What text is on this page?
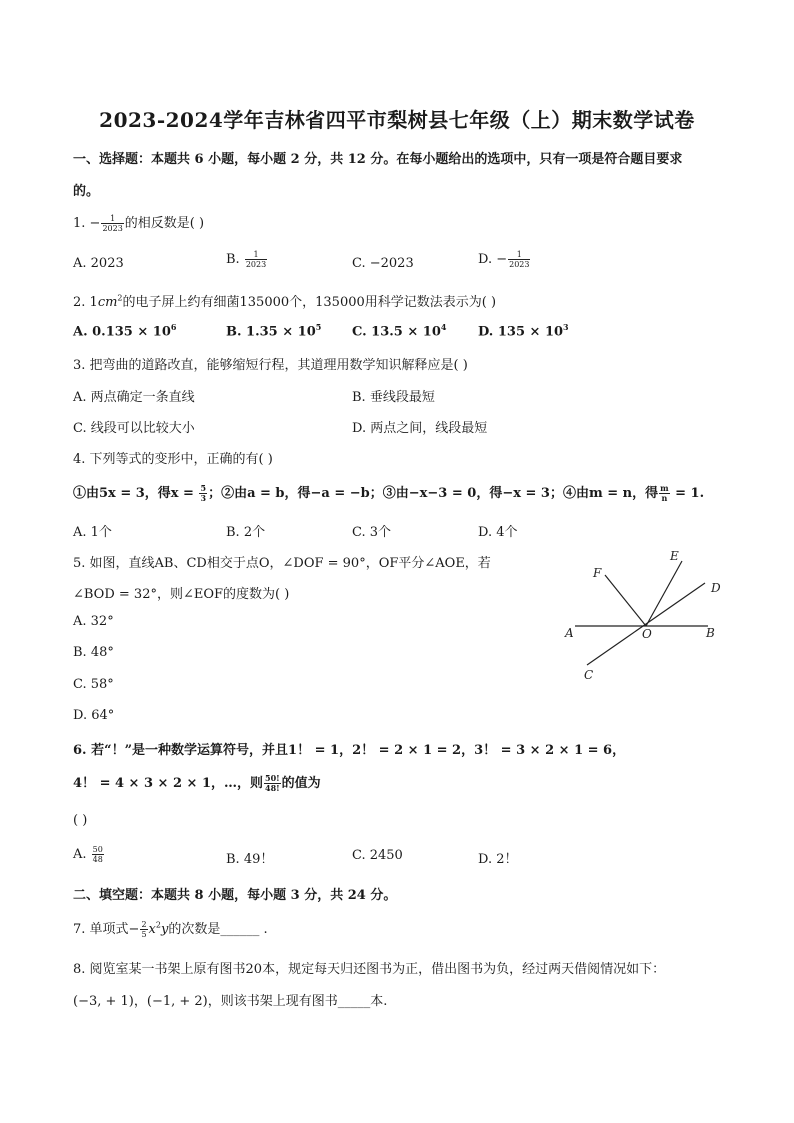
2023-2024学年吉林省四平市梨树县七年级（上）期末数学试卷
一、选择题：本题共 6 小题，每小题 2 分，共 12 分。在每小题给出的选项中，只有一项是符合题目要求
的。
1. − $\frac{1}{2023}$ 的相反数是( )
A. 2023	B. $\frac{1}{2023}$	C. −2023	D. − $\frac{1}{2023}$
2. $1cm^2$的电子屏上约有细菌135000个，135000用科学记数法表示为( )
A. $0.135 \times 10^6$	B. $1.35 \times 10^5$ C. $13.5 \times 10^4$ D. $135 \times 10^3$
3. 把弯曲的道路改直，能够缩短行程，其道理用数学知识解释应是( )
A. 两点确定一条直线	B. 垂线段最短
C. 线段可以比较大小	D. 两点之间，线段最短
4. 下列等式的变形中，正确的有( )
①由5x = 3，得$x = \frac{5}{3}$ ；②由a = b，得−a = −b；③由−x−3 = 0，得−x = 3；④由m = n，得 $\frac{m}{n} = 1$.
A. 1个	B. 2个	C. 3个	D. 4个
5. 如图，直线AB、CD相交于点O，∠DOF = 90°，OF平分∠AOE，若
∠BOD = 32°，则∠EOF的度数为( )
A. 32°
B. 48°
C. 58°
D. 64°
A	B
C
D
E
F
O
6. 若“！”是一种数学运算符号，并且1！ = 1，2！ = 2 × 1 = 2，3！ = 3 × 2 × 1 = 6，
4！ = 4 × 3 × 2 × 1，…，则 $\frac{50!}{48!}$ 的值为
( )
A. $\frac{50}{48}$	B. 49！	C. 2450	D. 2！
二、填空题：本题共 8 小题，每小题 3 分，共 24 分。
7. 单项式− $\frac{2}{5} x^2y$的次数是______ .
8. 阅览室某一书架上原有图书20本，规定每天归还图书为正，借出图书为负，经过两天借阅情况如下：
(−3, + 1)，(−1, + 2)，则该书架上现有图书_____本.
